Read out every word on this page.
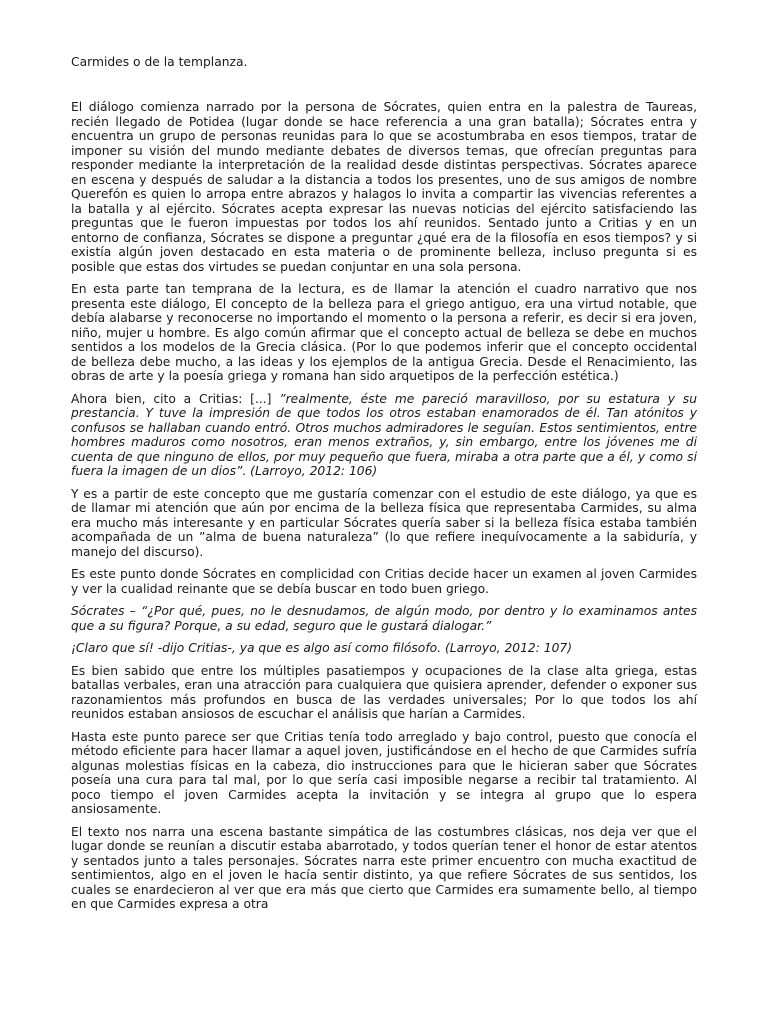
Carmides o de la templanza.

El diálogo comienza narrado por la persona de Sócrates, quien entra en la palestra de Taureas, recién llegado de Potidea (lugar donde se hace referencia a una gran batalla); Sócrates entra y encuentra un grupo de personas reunidas para lo que se acostumbraba en esos tiempos, tratar de imponer su visión del mundo mediante debates de diversos temas, que ofrecían preguntas para responder mediante la interpretación de la realidad desde distintas perspectivas. Sócrates aparece en escena y después de saludar a la distancia a todos los presentes, uno de sus amigos de nombre Querefón es quien lo arropa entre abrazos y halagos lo invita a compartir las vivencias referentes a la batalla y al ejército. Sócrates acepta expresar las nuevas noticias del ejército satisfaciendo las preguntas que le fueron impuestas por todos los ahí reunidos. Sentado junto a Critias y en un entorno de confianza, Sócrates se dispone a preguntar ¿qué era de la filosofía en esos tiempos? y si existía algún joven destacado en esta materia o de prominente belleza, incluso pregunta si es posible que estas dos virtudes se puedan conjuntar en una sola persona.

En esta parte tan temprana de la lectura, es de llamar la atención el cuadro narrativo que nos presenta este diálogo, El concepto de la belleza para el griego antiguo, era una virtud notable, que debía alabarse y reconocerse no importando el momento o la persona a referir, es decir si era joven, niño, mujer u hombre. Es algo común afirmar que el concepto actual de belleza se debe en muchos sentidos a los modelos de la Grecia clásica. (Por lo que podemos inferir que el concepto occidental de belleza debe mucho, a las ideas y los ejemplos de la antigua Grecia. Desde el Renacimiento, las obras de arte y la poesía griega y romana han sido arquetipos de la perfección estética.)

Ahora bien, cito a Critias: [...] ”realmente, éste me pareció maravilloso, por su estatura y su prestancia. Y tuve la impresión de que todos los otros estaban enamorados de él. Tan atónitos y confusos se hallaban cuando entró. Otros muchos admiradores le seguían. Estos sentimientos, entre hombres maduros como nosotros, eran menos extraños, y, sin embargo, entre los jóvenes me di cuenta de que ninguno de ellos, por muy pequeño que fuera, miraba a otra parte que a él, y como si fuera la imagen de un dios”. (Larroyo, 2012: 106)

Y es a partir de este concepto que me gustaría comenzar con el estudio de este diálogo, ya que es de llamar mi atención que aún por encima de la belleza física que representaba Carmides, su alma era mucho más interesante y en particular Sócrates quería saber si la belleza física estaba también acompañada de un ”alma de buena naturaleza” (lo que refiere inequívocamente a la sabiduría, y manejo del discurso).

Es este punto donde Sócrates en complicidad con Critias decide hacer un examen al joven Carmides y ver la cualidad reinante que se debía buscar en todo buen griego.

Sócrates – “¿Por qué, pues, no le desnudamos, de algún modo, por dentro y lo examinamos antes que a su figura? Porque, a su edad, seguro que le gustará dialogar.”

¡Claro que sí! -dijo Critias-, ya que es algo así como filósofo. (Larroyo, 2012: 107)

Es bien sabido que entre los múltiples pasatiempos y ocupaciones de la clase alta griega, estas batallas verbales, eran una atracción para cualquiera que quisiera aprender, defender o exponer sus razonamientos más profundos en busca de las verdades universales; Por lo que todos los ahí reunidos estaban ansiosos de escuchar el análisis que harían a Carmides.

Hasta este punto parece ser que Critias tenía todo arreglado y bajo control, puesto que conocía el método eficiente para hacer llamar a aquel joven, justificándose en el hecho de que Carmides sufría algunas molestias físicas en la cabeza, dio instrucciones para que le hicieran saber que Sócrates poseía una cura para tal mal, por lo que sería casi imposible negarse a recibir tal tratamiento. Al poco tiempo el joven Carmides acepta la invitación y se integra al grupo que lo espera ansiosamente.

El texto nos narra una escena bastante simpática de las costumbres clásicas, nos deja ver que el lugar donde se reunían a discutir estaba abarrotado, y todos querían tener el honor de estar atentos y sentados junto a tales personajes. Sócrates narra este primer encuentro con mucha exactitud de sentimientos, algo en el joven le hacía sentir distinto, ya que refiere Sócrates de sus sentidos, los cuales se enardecieron al ver que era más que cierto que Carmides era sumamente bello, al tiempo en que Carmides expresa a otra
